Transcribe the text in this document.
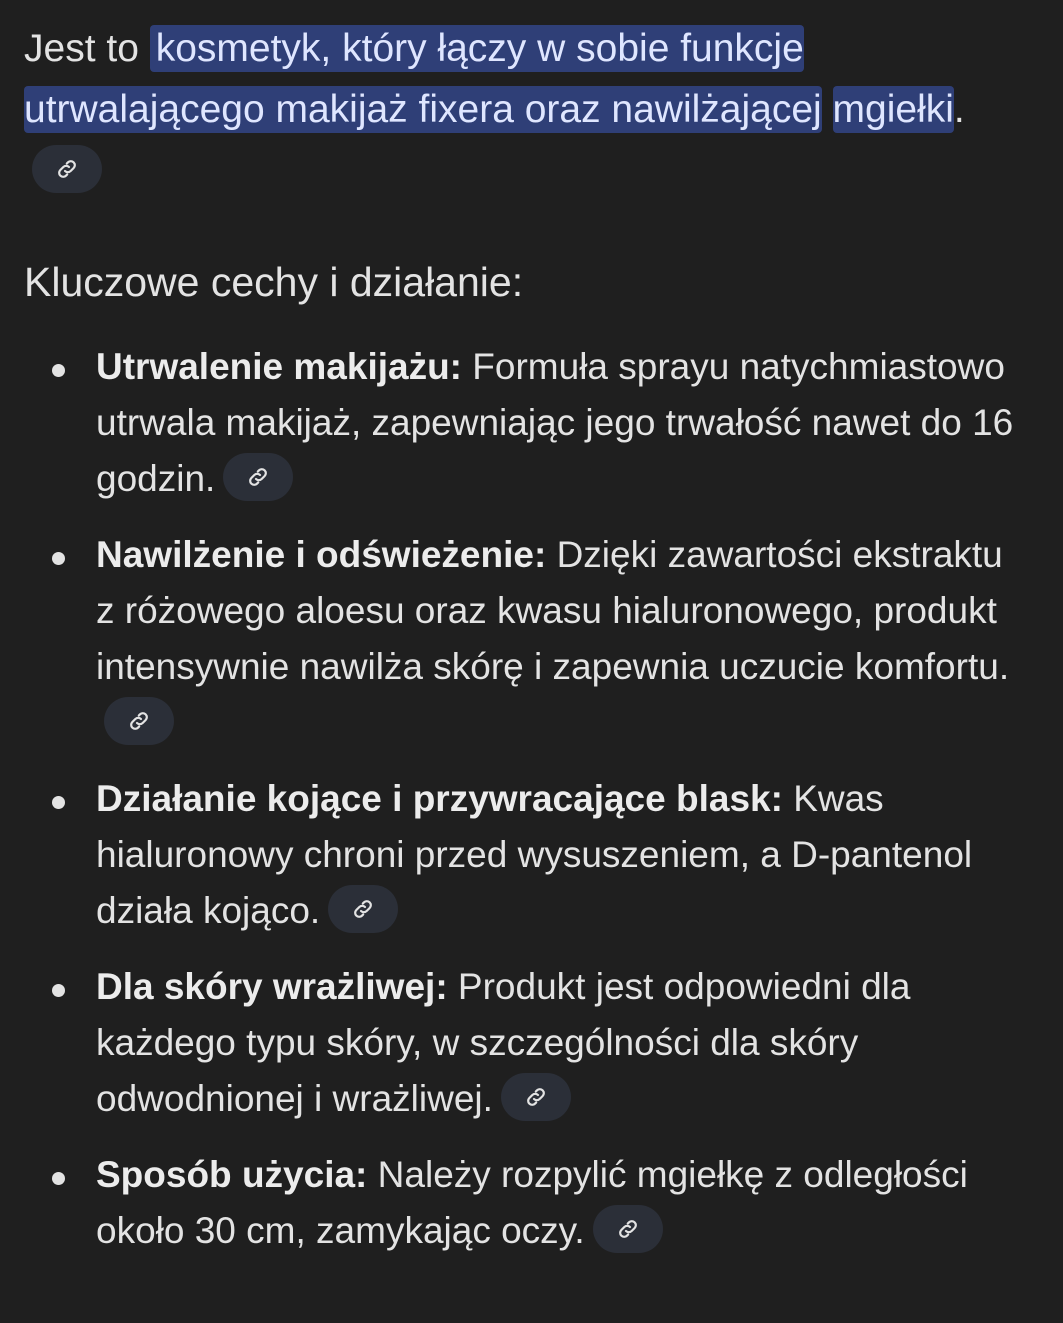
Jest to kosmetyk, który łączy w sobie funkcje utrwalającego makijaż fixera oraz nawilżającej mgiełki.

Kluczowe cechy i działanie:
Utrwalenie makijażu: Formuła sprayu natychmiastowo utrwala makijaż, zapewniając jego trwałość nawet do 16 godzin.
Nawilżenie i odświeżenie: Dzięki zawartości ekstraktu z różowego aloesu oraz kwasu hialuronowego, produkt intensywnie nawilża skórę i zapewnia uczucie komfortu.
Działanie kojące i przywracające blask: Kwas hialuronowy chroni przed wysuszeniem, a D-pantenol działa kojąco.
Dla skóry wrażliwej: Produkt jest odpowiedni dla każdego typu skóry, w szczególności dla skóry odwodnionej i wrażliwej.
Sposób użycia: Należy rozpylić mgiełkę z odległości około 30 cm, zamykając oczy.
